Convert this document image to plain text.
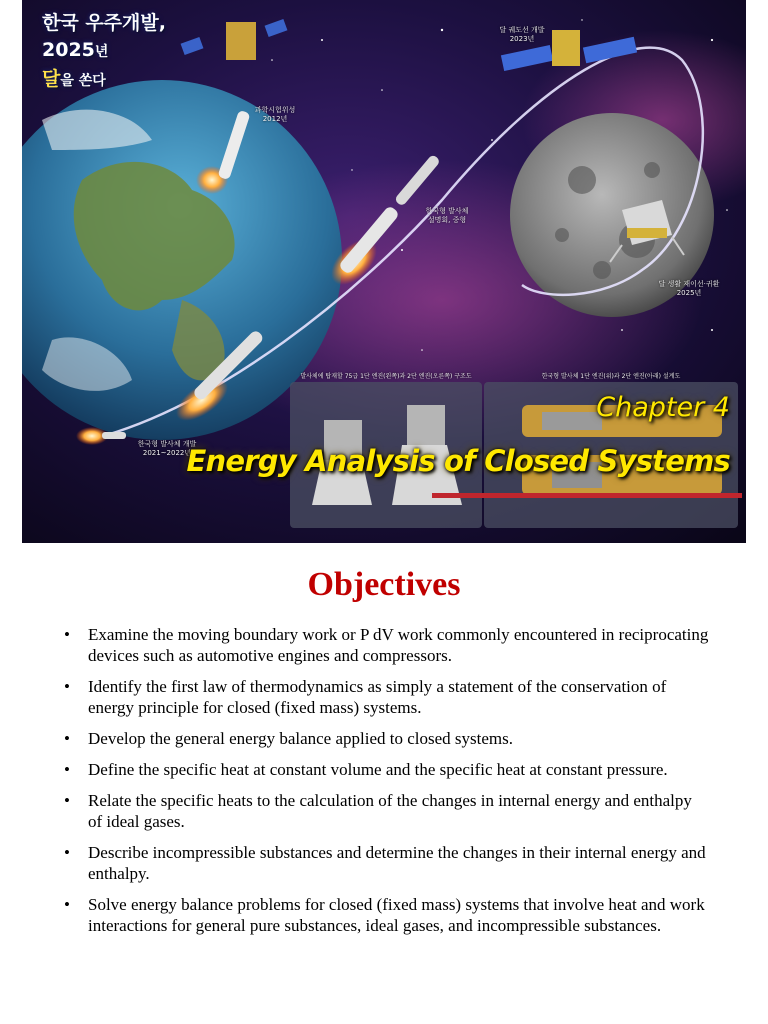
한국 우주개발,
2025년
달을 쏜다
달 궤도선 개발
2023년
과학시험위성
2012년
한국형 발사체
설명회, 중형
달 생활 재이선·귀환
2025년
한국형 발사체 개발
2021~2022년
발사체에 탑재할 75급 1단 엔진(왼쪽)과 2단 엔진(오른쪽) 구조도	한국형 발사체 1단 엔진(위)과 2단 엔진(아래) 설계도
Chapter 4
Energy Analysis of Closed Systems
Objectives
• Examine the moving boundary work or P dV work commonly encountered in reciprocating devices such as automotive engines and compressors.
• Identify the first law of thermodynamics as simply a statement of the conservation of energy principle for closed (fixed mass) systems.
• Develop the general energy balance applied to closed systems.
• Define the specific heat at constant volume and the specific heat at constant pressure.
• Relate the specific heats to the calculation of the changes in internal energy and enthalpy of ideal gases.
• Describe incompressible substances and determine the changes in their internal energy and enthalpy.
• Solve energy balance problems for closed (fixed mass) systems that involve heat and work interactions for general pure substances, ideal gases, and incompressible substances.
